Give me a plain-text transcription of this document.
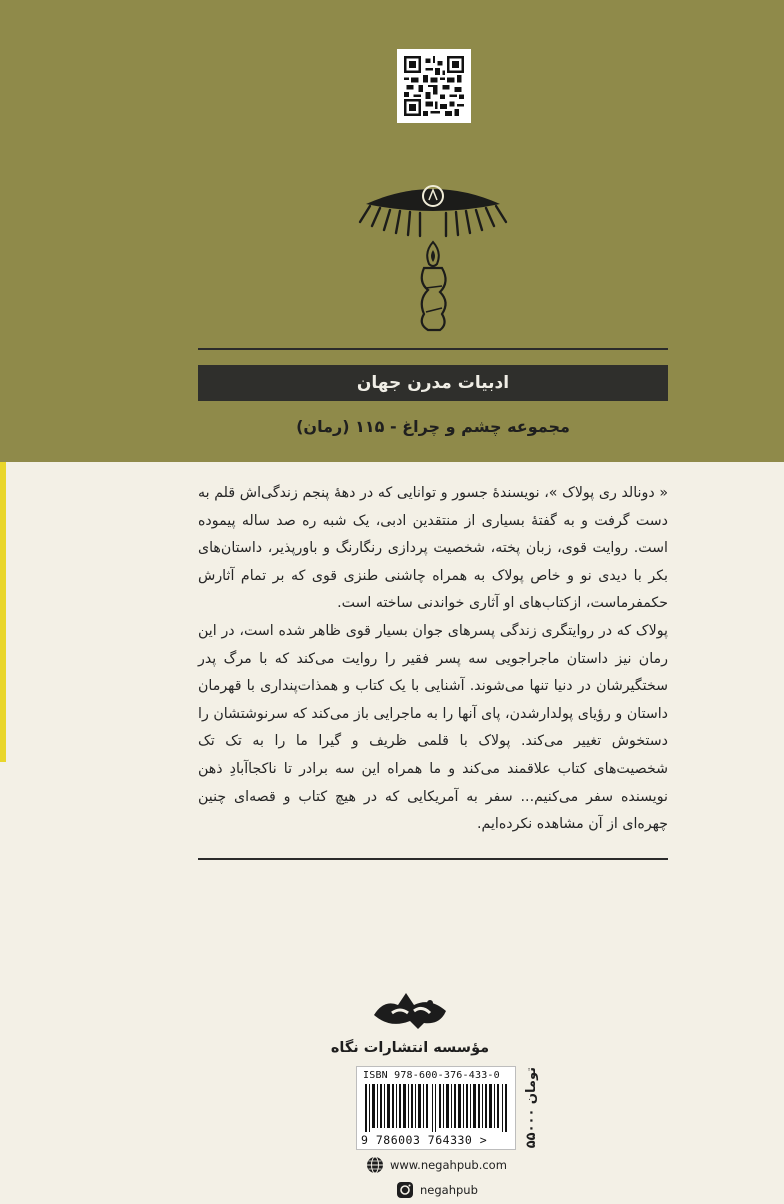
ادبیات مدرن جهان
مجموعه چشم و چراغ - ۱۱۵ (رمان)

« دونالد ری پولاک »، نویسندهٔ جسور و توانایی که در دههٔ پنجم زندگی‌اش قلم به دست گرفت و به گفتهٔ بسیاری از منتقدین ادبی، یک شبه ره صد ساله پیموده است. روایت قوی، زبان پخته، شخصیت پردازی رنگارنگ و باورپذیر، داستان‌های بکر با دیدی نو و خاص پولاک به همراه چاشنی طنزی قوی که بر تمام آثارش حکمفرماست، ازکتاب‌های او آثاری خواندنی ساخته است.

پولاک که در روایتگری زندگی پسرهای جوان بسیار قوی ظاهر شده است، در این رمان نیز داستان ماجراجویی سه پسر فقیر را روایت می‌کند که با مرگ پدر سختگیرشان در دنیا تنها می‌شوند. آشنایی با یک کتاب و همذات‌پنداری با قهرمان داستان و رؤیای پولدارشدن، پای آنها را به ماجرایی باز می‌کند که سرنوشتشان را دستخوش تغییر می‌کند. پولاک با قلمی ظریف و گیرا ما را به تک تک شخصیت‌های کتاب علاقمند می‌کند و ما همراه این سه برادر تا ناکجاآبادِ ذهن نویسنده سفر می‌کنیم... سفر به آمریکایی که در هیچ کتاب و قصه‌ای چنین چهره‌ای از آن مشاهده نکرده‌ایم.

مؤسسه انتشارات نگاه
ISBN 978-600-376-433-0
9 786003 764330 >	۵۵۰۰۰ تومان
www.negahpub.com
negahpub
